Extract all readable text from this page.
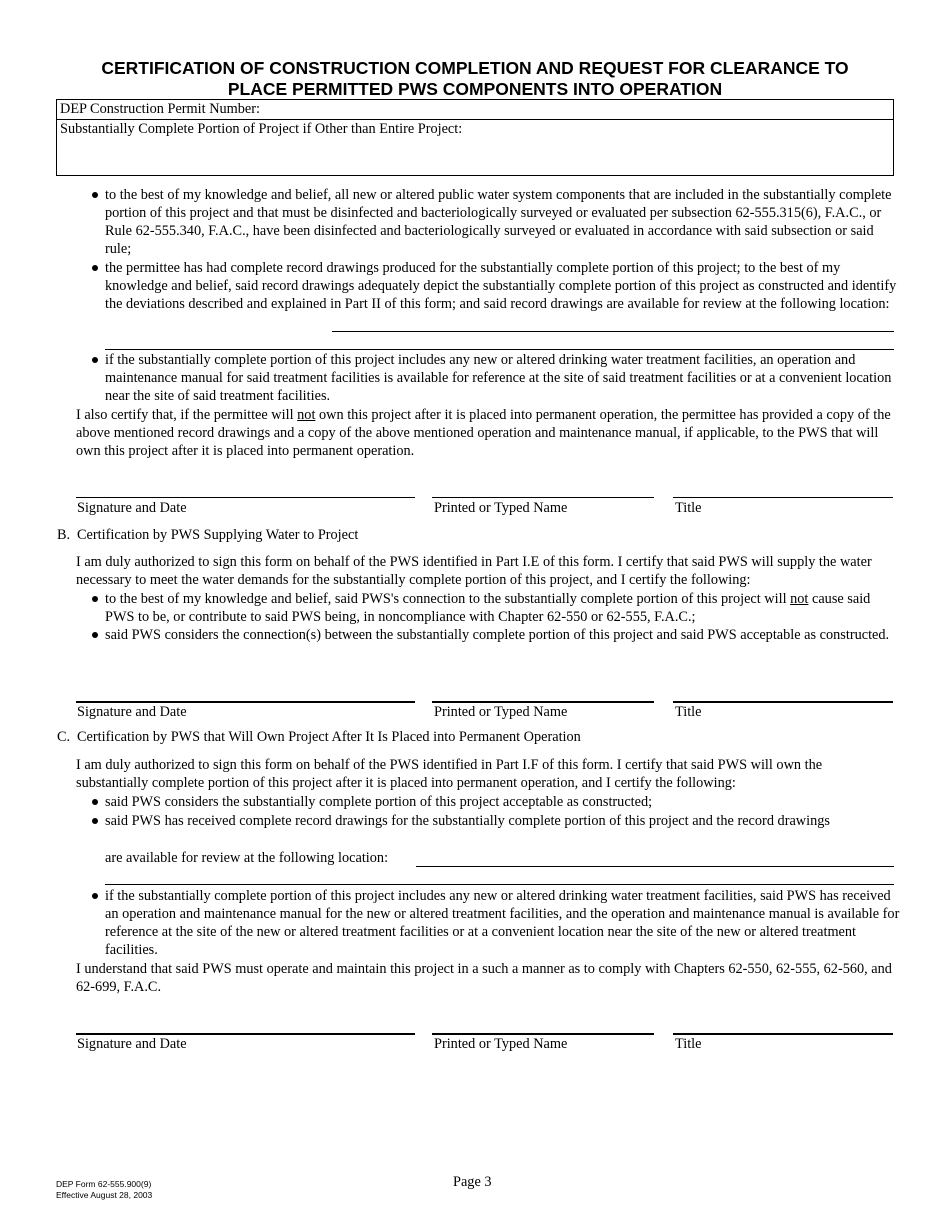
CERTIFICATION OF CONSTRUCTION COMPLETION AND REQUEST FOR CLEARANCE TO
PLACE PERMITTED PWS COMPONENTS INTO OPERATION
DEP Construction Permit Number:
Substantially Complete Portion of Project if Other than Entire Project:
to the best of my knowledge and belief, all new or altered public water system components that are included in the substantially complete portion of this project and that must be disinfected and bacteriologically surveyed or evaluated per subsection 62-555.315(6), F.A.C., or Rule 62-555.340, F.A.C., have been disinfected and bacteriologically surveyed or evaluated in accordance with said subsection or said rule;
the permittee has had complete record drawings produced for the substantially complete portion of this project; to the best of my knowledge and belief, said record drawings adequately depict the substantially complete portion of this project as constructed and identify the deviations described and explained in Part II of this form; and said record drawings are available for review at the following location:
if the substantially complete portion of this project includes any new or altered drinking water treatment facilities, an operation and maintenance manual for said treatment facilities is available for reference at the site of said treatment facilities or at a convenient location near the site of said treatment facilities.
I also certify that, if the permittee will not own this project after it is placed into permanent operation, the permittee has provided a copy of the above mentioned record drawings and a copy of the above mentioned operation and maintenance manual, if applicable, to the PWS that will own this project after it is placed into permanent operation.
Signature and Date	Printed or Typed Name	Title
B. Certification by PWS Supplying Water to Project
I am duly authorized to sign this form on behalf of the PWS identified in Part I.E of this form. I certify that said PWS will supply the water necessary to meet the water demands for the substantially complete portion of this project, and I certify the following:
to the best of my knowledge and belief, said PWS's connection to the substantially complete portion of this project will not cause said PWS to be, or contribute to said PWS being, in noncompliance with Chapter 62-550 or 62-555, F.A.C.;
said PWS considers the connection(s) between the substantially complete portion of this project and said PWS acceptable as constructed.
Signature and Date	Printed or Typed Name	Title
C. Certification by PWS that Will Own Project After It Is Placed into Permanent Operation
I am duly authorized to sign this form on behalf of the PWS identified in Part I.F of this form. I certify that said PWS will own the substantially complete portion of this project after it is placed into permanent operation, and I certify the following:
said PWS considers the substantially complete portion of this project acceptable as constructed;
said PWS has received complete record drawings for the substantially complete portion of this project and the record drawings
are available for review at the following location:
if the substantially complete portion of this project includes any new or altered drinking water treatment facilities, said PWS has received an operation and maintenance manual for the new or altered treatment facilities, and the operation and maintenance manual is available for reference at the site of the new or altered treatment facilities or at a convenient location near the site of the new or altered treatment facilities.
I understand that said PWS must operate and maintain this project in a such a manner as to comply with Chapters 62-550, 62-555, 62-560, and 62-699, F.A.C.
Signature and Date	Printed or Typed Name	Title
DEP Form 62-555.900(9)
Effective August 28, 2003
Page 3
